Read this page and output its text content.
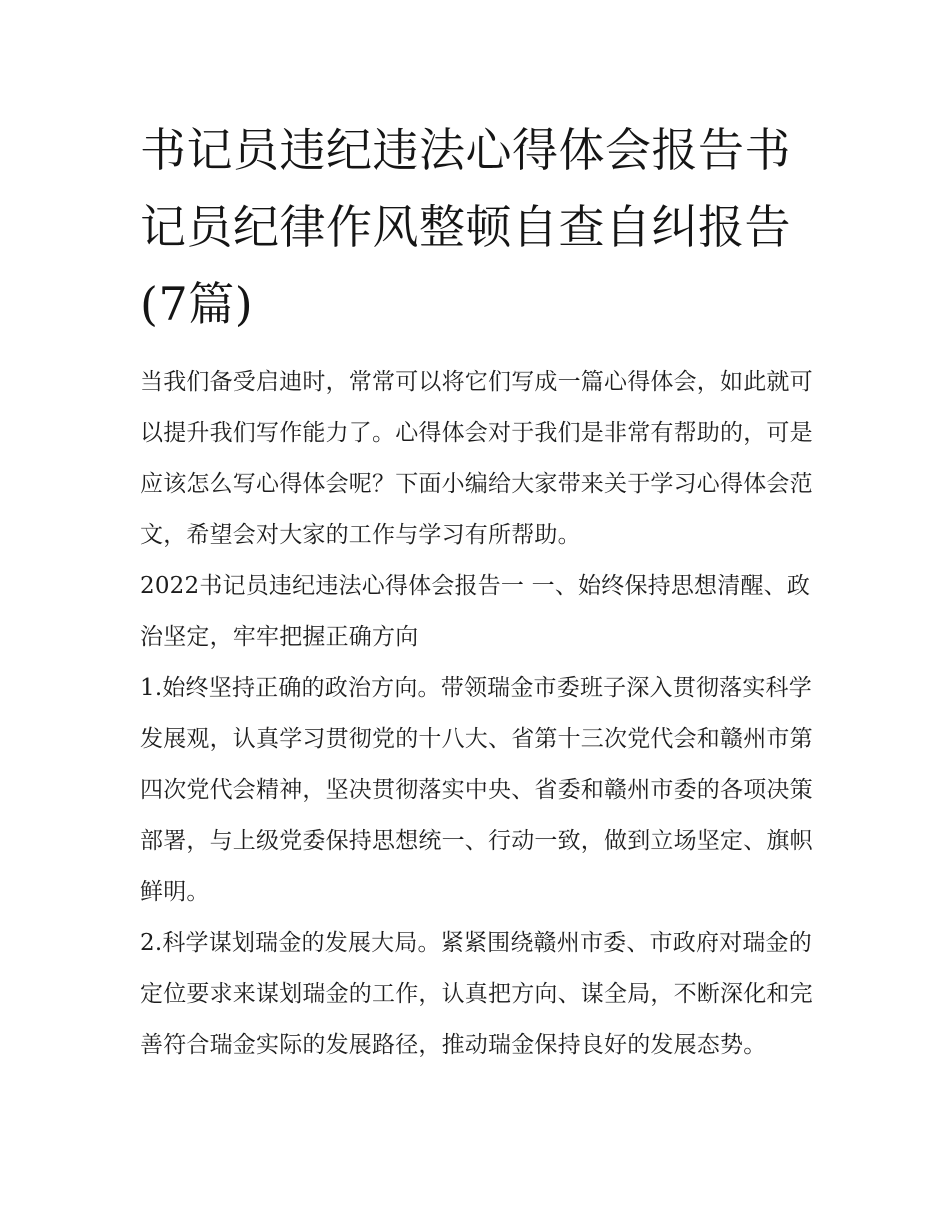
书记员违纪违法心得体会报告书记员纪律作风整顿自查自纠报告(7篇)

当我们备受启迪时，常常可以将它们写成一篇心得体会，如此就可以提升我们写作能力了。心得体会对于我们是非常有帮助的，可是应该怎么写心得体会呢？下面小编给大家带来关于学习心得体会范文，希望会对大家的工作与学习有所帮助。

2022书记员违纪违法心得体会报告一 一、始终保持思想清醒、政治坚定，牢牢把握正确方向

1.始终坚持正确的政治方向。带领瑞金市委班子深入贯彻落实科学发展观，认真学习贯彻党的十八大、省第十三次党代会和赣州市第四次党代会精神，坚决贯彻落实中央、省委和赣州市委的各项决策部署，与上级党委保持思想统一、行动一致，做到立场坚定、旗帜鲜明。

2.科学谋划瑞金的发展大局。紧紧围绕赣州市委、市政府对瑞金的定位要求来谋划瑞金的工作，认真把方向、谋全局，不断深化和完善符合瑞金实际的发展路径，推动瑞金保持良好的发展态势。
